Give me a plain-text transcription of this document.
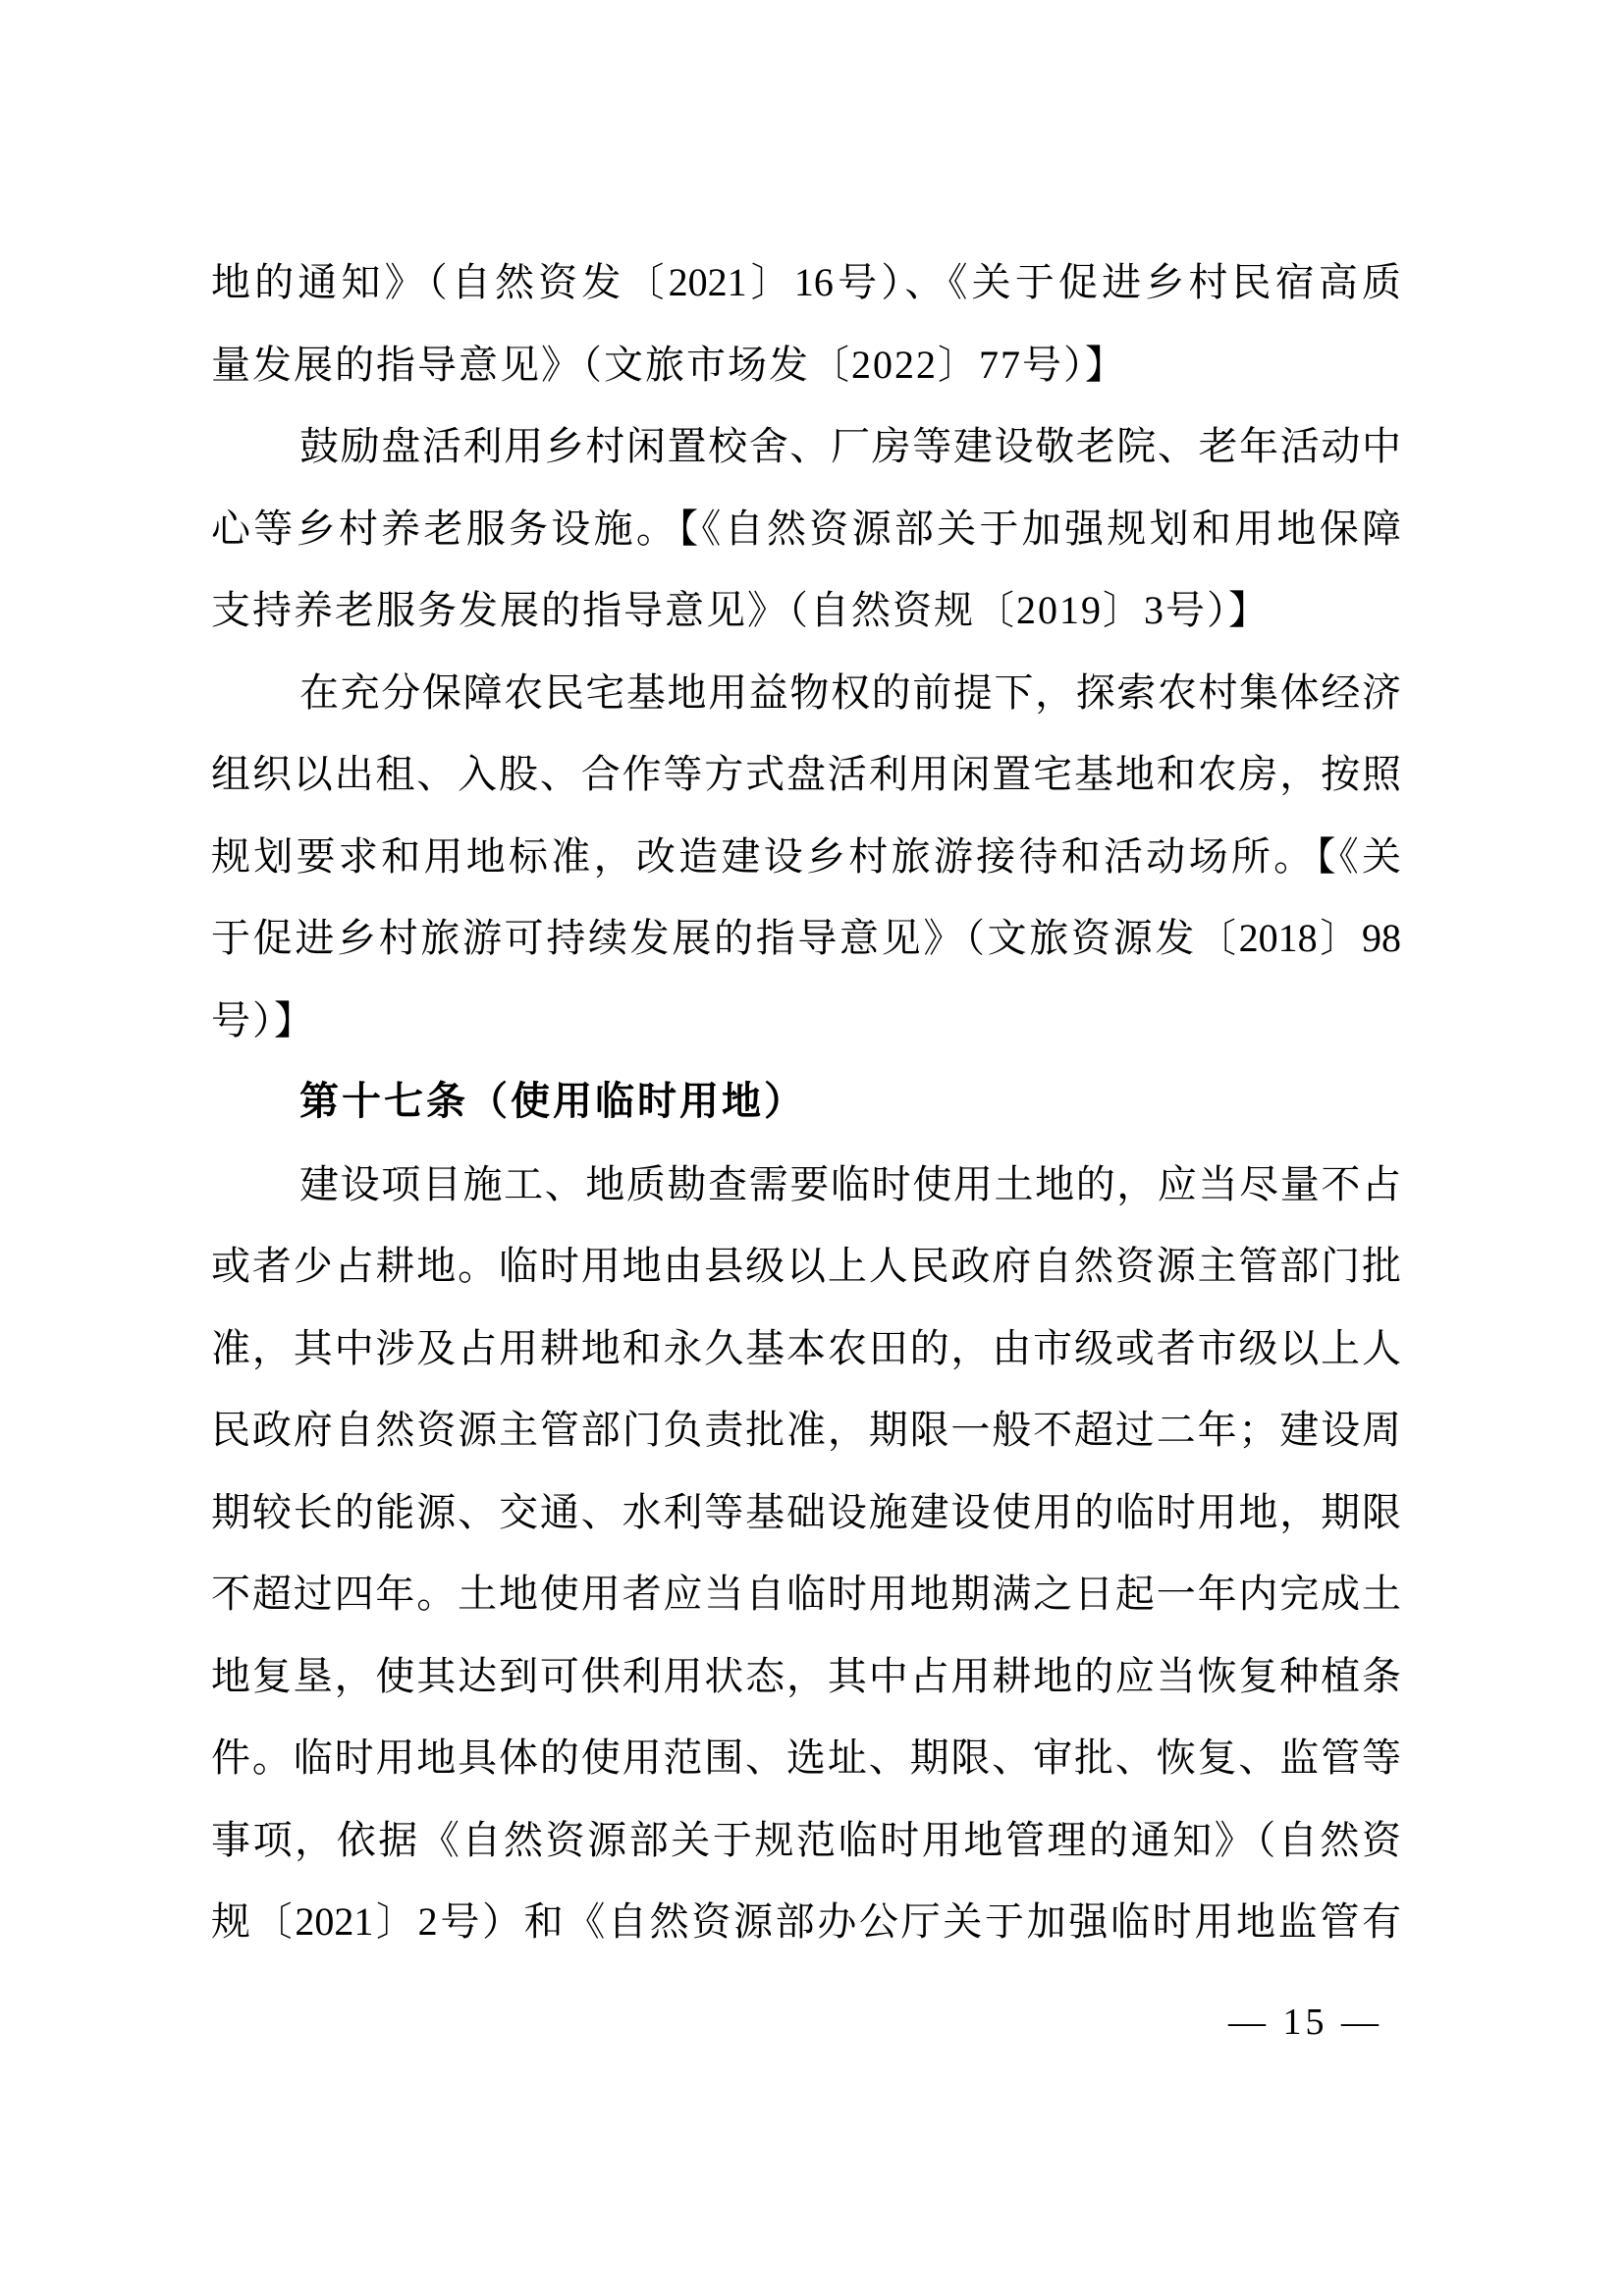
地的通知》（自然资发〔2021〕16号）、《关于促进乡村民宿高质
量发展的指导意见》（文旅市场发〔2022〕77号）】
鼓励盘活利用乡村闲置校舍、厂房等建设敬老院、老年活动中
心等乡村养老服务设施。【《自然资源部关于加强规划和用地保障
支持养老服务发展的指导意见》（自然资规〔2019〕3号）】
在充分保障农民宅基地用益物权的前提下，探索农村集体经济
组织以出租、入股、合作等方式盘活利用闲置宅基地和农房，按照
规划要求和用地标准，改造建设乡村旅游接待和活动场所。【《关
于促进乡村旅游可持续发展的指导意见》（文旅资源发〔2018〕98
号）】
第十七条（使用临时用地）
建设项目施工、地质勘查需要临时使用土地的，应当尽量不占
或者少占耕地。临时用地由县级以上人民政府自然资源主管部门批
准，其中涉及占用耕地和永久基本农田的，由市级或者市级以上人
民政府自然资源主管部门负责批准，期限一般不超过二年；建设周
期较长的能源、交通、水利等基础设施建设使用的临时用地，期限
不超过四年。土地使用者应当自临时用地期满之日起一年内完成土
地复垦，使其达到可供利用状态，其中占用耕地的应当恢复种植条
件。临时用地具体的使用范围、选址、期限、审批、恢复、监管等
事项，依据《自然资源部关于规范临时用地管理的通知》（自然资
规〔2021〕2号）和《自然资源部办公厅关于加强临时用地监管有
— 15 —
